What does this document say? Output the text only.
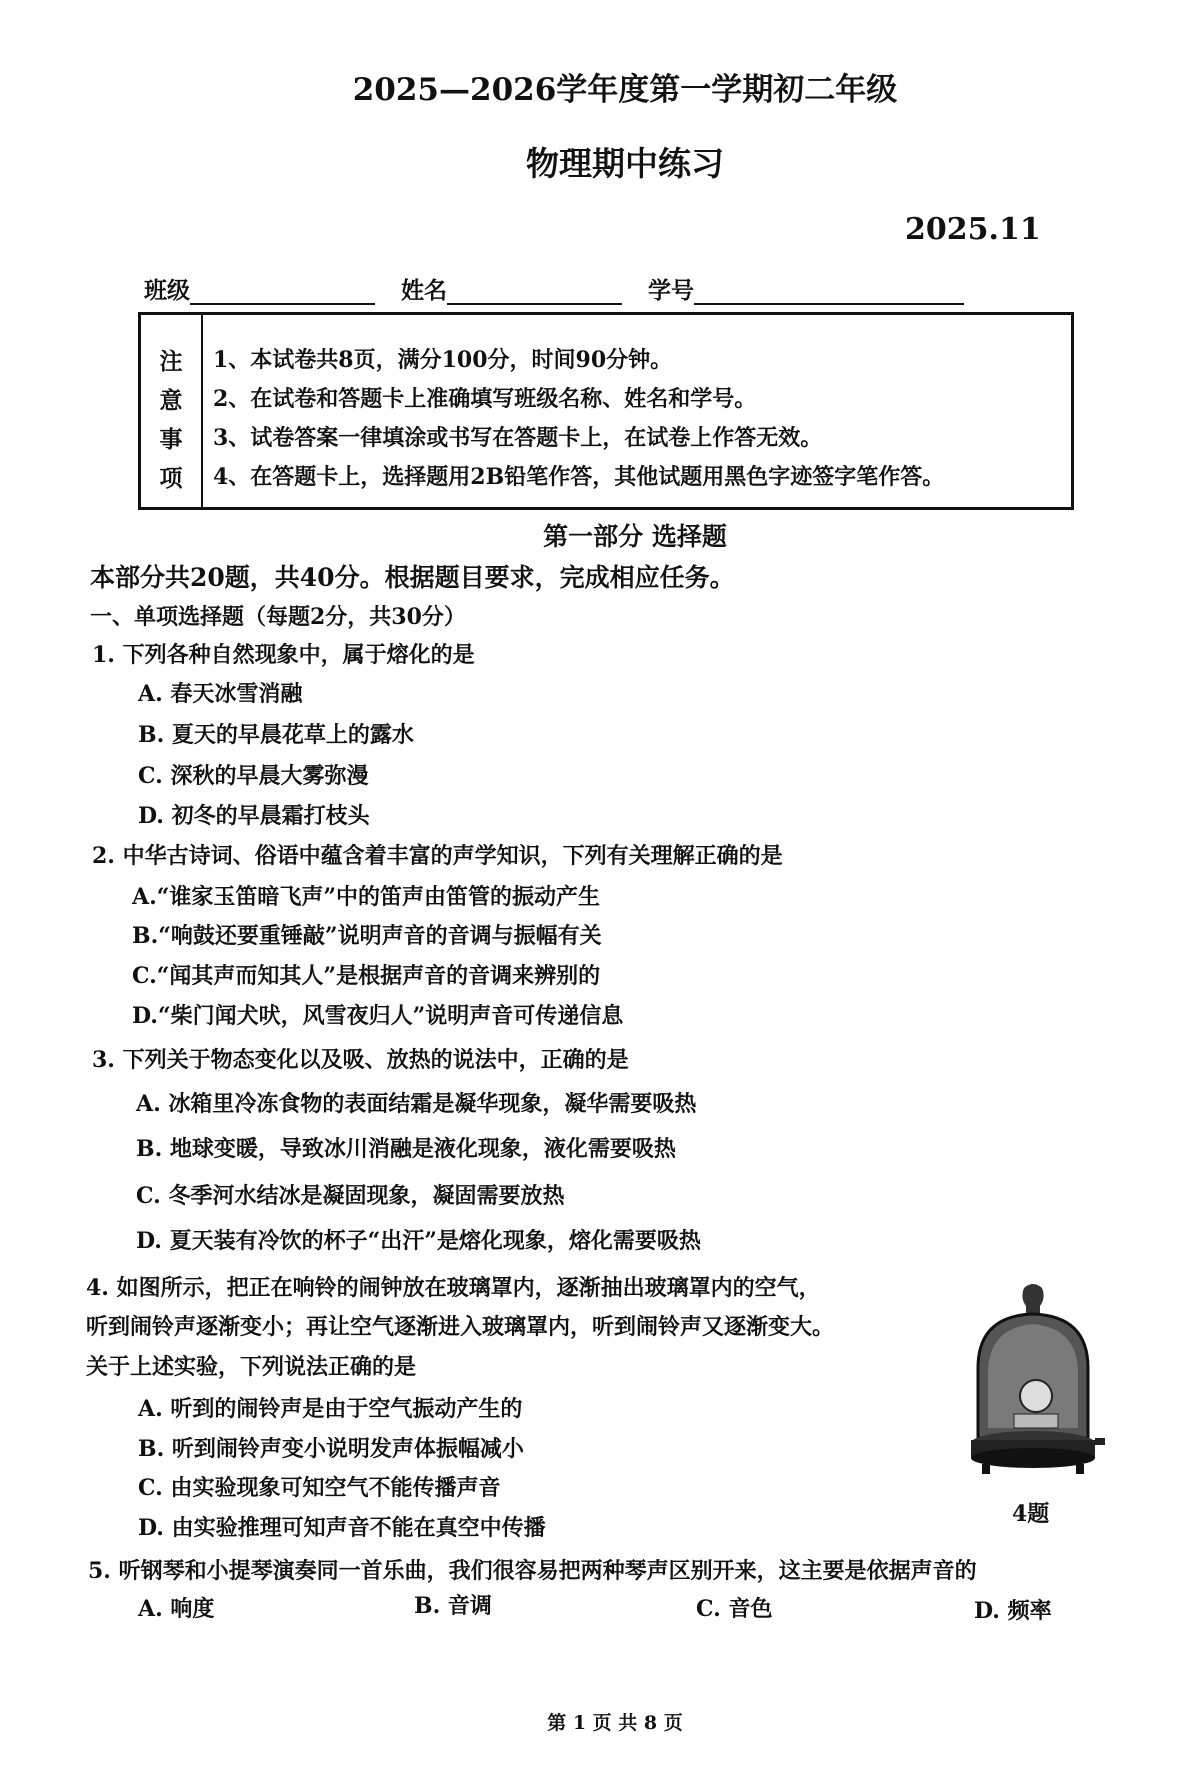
2025—2026学年度第一学期初二年级
物理期中练习
2025.11
班级	姓名	学号
注
意
事
项
1、本试卷共8页，满分100分，时间90分钟。
2、在试卷和答题卡上准确填写班级名称、姓名和学号。
3、试卷答案一律填涂或书写在答题卡上，在试卷上作答无效。
4、在答题卡上，选择题用2B铅笔作答，其他试题用黑色字迹签字笔作答。
第一部分 选择题
本部分共20题，共40分。根据题目要求，完成相应任务。
一、单项选择题（每题2分，共30分）
1. 下列各种自然现象中，属于熔化的是
A. 春天冰雪消融
B. 夏天的早晨花草上的露水
C. 深秋的早晨大雾弥漫
D. 初冬的早晨霜打枝头
2. 中华古诗词、俗语中蕴含着丰富的声学知识，下列有关理解正确的是
A.“谁家玉笛暗飞声”中的笛声由笛管的振动产生
B.“响鼓还要重锤敲”说明声音的音调与振幅有关
C.“闻其声而知其人”是根据声音的音调来辨别的
D.“柴门闻犬吠，风雪夜归人”说明声音可传递信息
3. 下列关于物态变化以及吸、放热的说法中，正确的是
A. 冰箱里冷冻食物的表面结霜是凝华现象，凝华需要吸热
B. 地球变暖，导致冰川消融是液化现象，液化需要吸热
C. 冬季河水结冰是凝固现象，凝固需要放热
D. 夏天装有冷饮的杯子“出汗”是熔化现象，熔化需要吸热
4. 如图所示，把正在响铃的闹钟放在玻璃罩内，逐渐抽出玻璃罩内的空气，
听到闹铃声逐渐变小；再让空气逐渐进入玻璃罩内，听到闹铃声又逐渐变大。
关于上述实验，下列说法正确的是
A. 听到的闹铃声是由于空气振动产生的
B. 听到闹铃声变小说明发声体振幅减小
C. 由实验现象可知空气不能传播声音
D. 由实验推理可知声音不能在真空中传播
4题
5. 听钢琴和小提琴演奏同一首乐曲，我们很容易把两种琴声区别开来，这主要是依据声音的
A. 响度	B. 音调	C. 音色	D. 频率
第 1 页 共 8 页
